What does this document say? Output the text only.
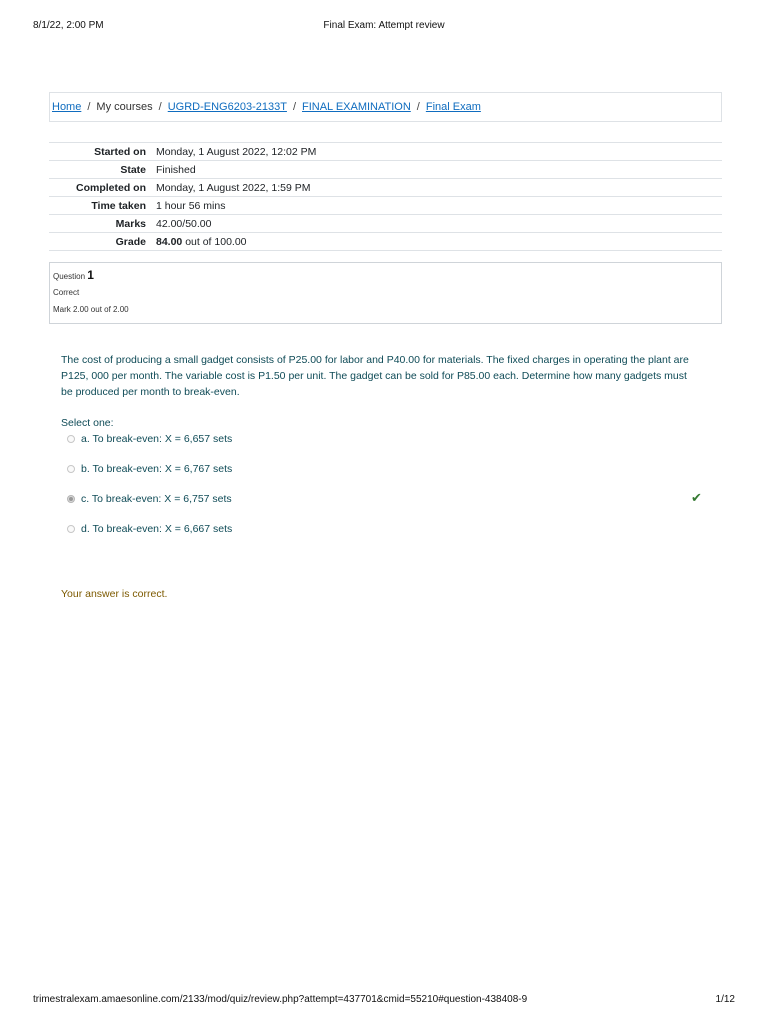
8/1/22, 2:00 PM	Final Exam: Attempt review
Home / My courses / UGRD-ENG6203-2133T / FINAL EXAMINATION / Final Exam
Started on	Monday, 1 August 2022, 12:02 PM
State	Finished
Completed on	Monday, 1 August 2022, 1:59 PM
Time taken	1 hour 56 mins
Marks	42.00/50.00
Grade	84.00 out of 100.00
Question 1
Correct
Mark 2.00 out of 2.00

The cost of producing a small gadget consists of P25.00 for labor and P40.00 for materials. The fixed charges in operating the plant are P125, 000 per month. The variable cost is P1.50 per unit. The gadget can be sold for P85.00 each. Determine how many gadgets must be produced per month to break-even.

Select one:
a. To break-even: X = 6,657 sets
b. To break-even: X = 6,767 sets
c. To break-even: X = 6,757 sets	✔
d. To break-even: X = 6,667 sets
Your answer is correct.
trimestralexam.amaesonline.com/2133/mod/quiz/review.php?attempt=437701&cmid=55210#question-438408-9	1/12
